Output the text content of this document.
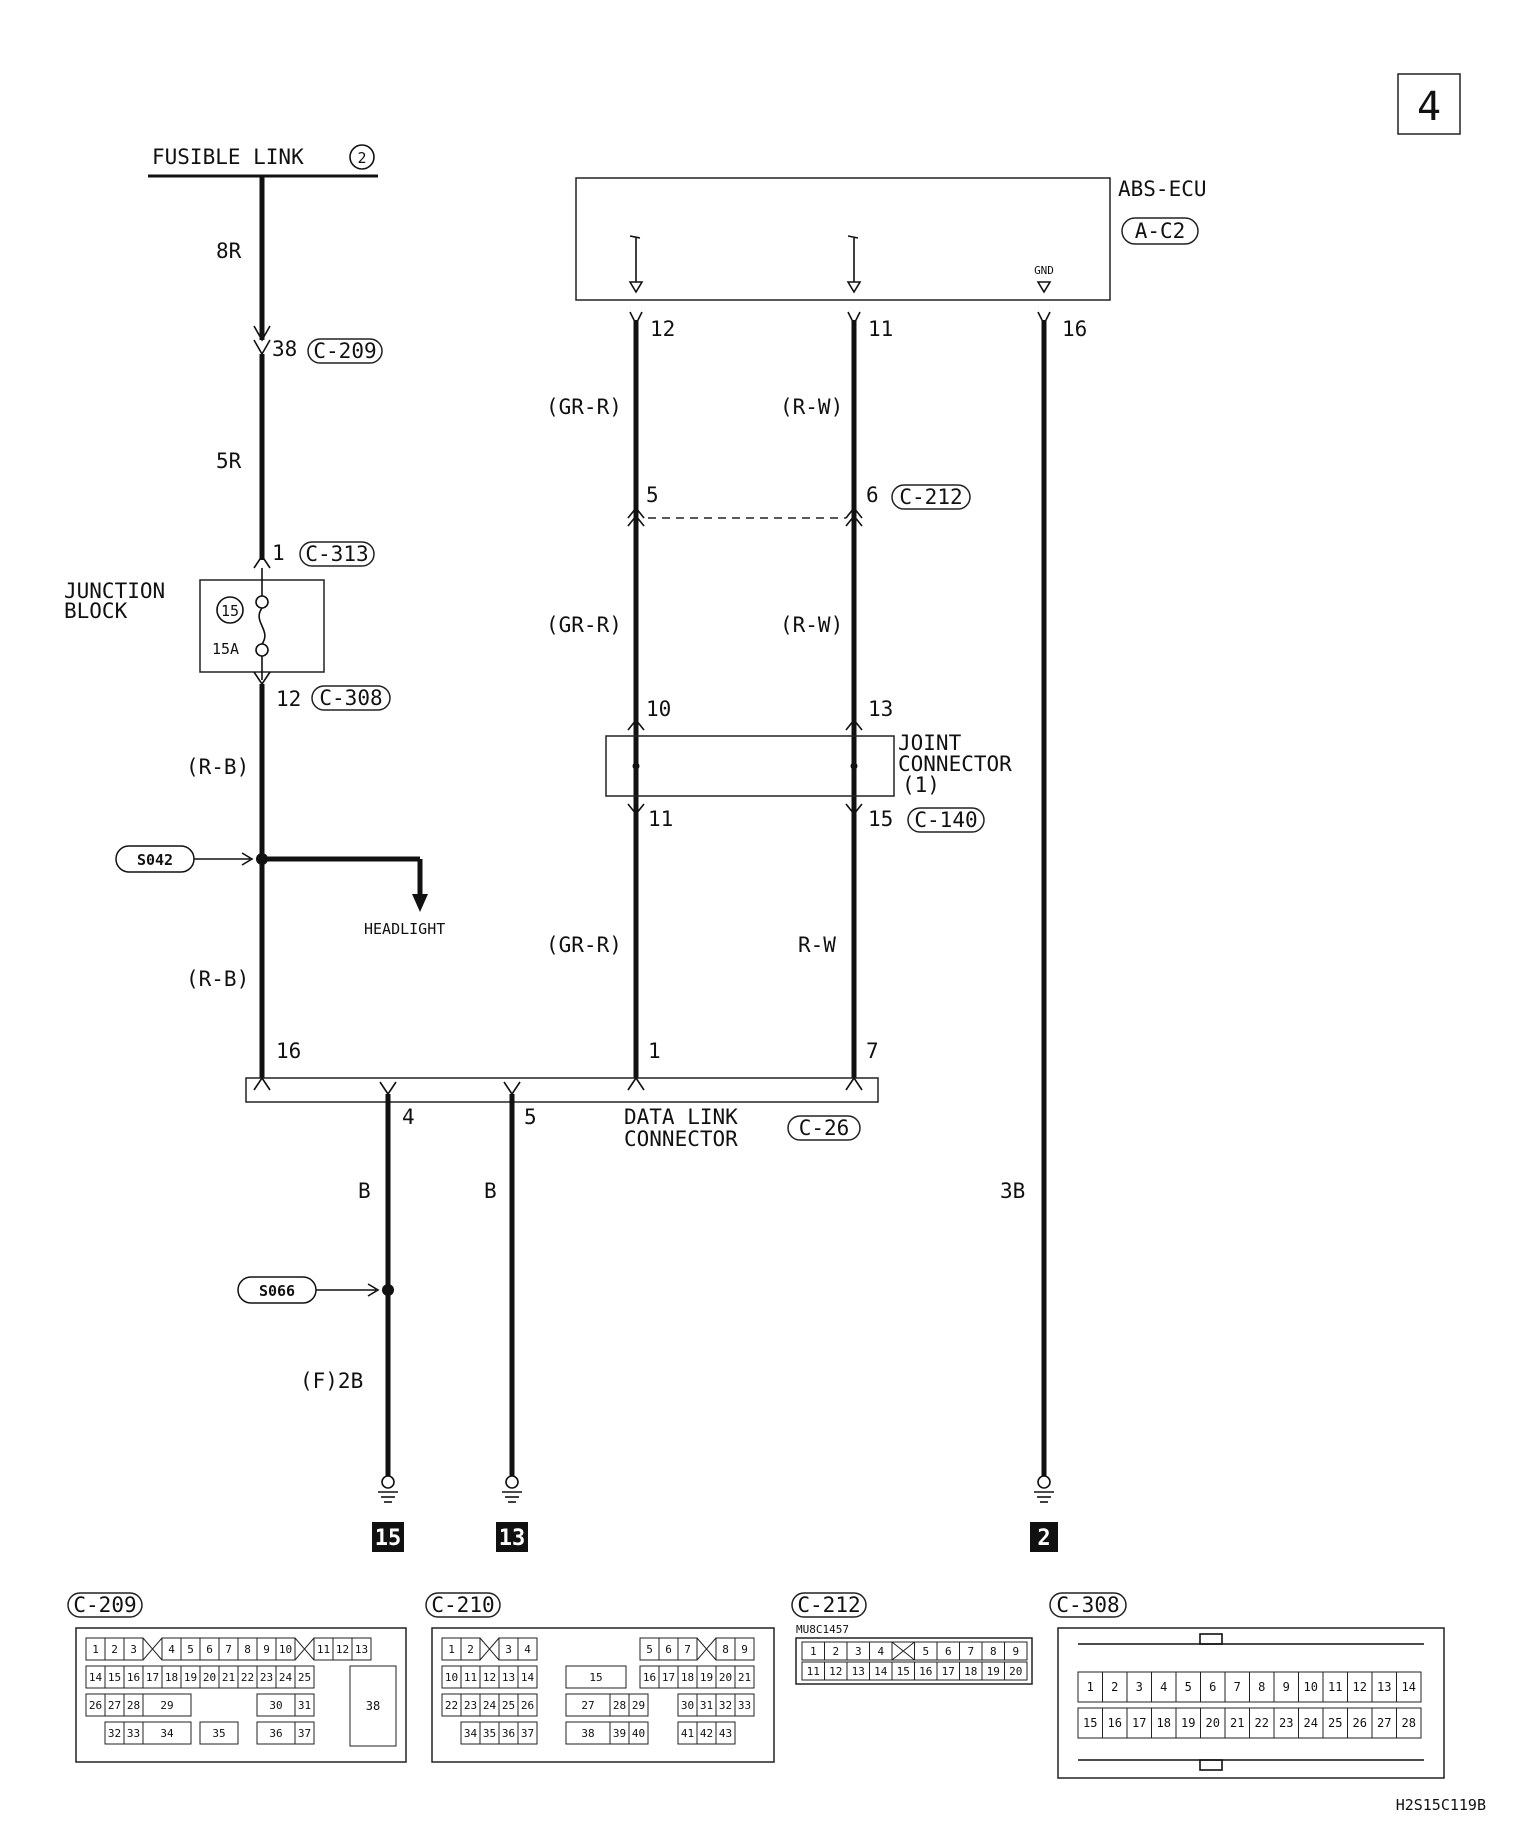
4
FUSIBLE LINK	2
ABS-ECU
A-C2
GND
8R
38 C-209
5R
1 C-313
JUNCTION
BLOCK	15
15A
12 C-308
(R-B)
(R-B)
HEADLIGHT
S042
12
(GR-R)
5
(GR-R)
10
11
(GR-R)
1
11
(R-W)
6 C-212
(R-W)
13
15 C-140
R-W
7
JOINT
CONNECTOR
(1)
16
4	5	DATA LINK
CONNECTOR	C-26
B
S066
(F)2B
B
16
3B
15	13	2
C-209
1 2 3	4 5 6 7 8 9 10 11 12 13
14 15 16 17 18 19 20 21 22 23 24 25
26 27 28 29	30 31
32 33 34	35	36 37
38
C-210
1 2	3 4	5 6 7	8 9
10 11 12 13 14	15	16 17 18 19 20 21
22 23 24 25 26	27 28 29	30 31 32 33
34 35 36 37	38 39 40	41 42 43
C-212
MU8C1457
1 2 3 4	5 6 7 8 9
11 12 13 14 15 16 17 18 19 20
C-308
1 2 3 4 5 6 7 8 9 10 11 12 13 14
15 16 17 18 19 20 21 22 23 24 25 26 27 28
H2S15C119B
